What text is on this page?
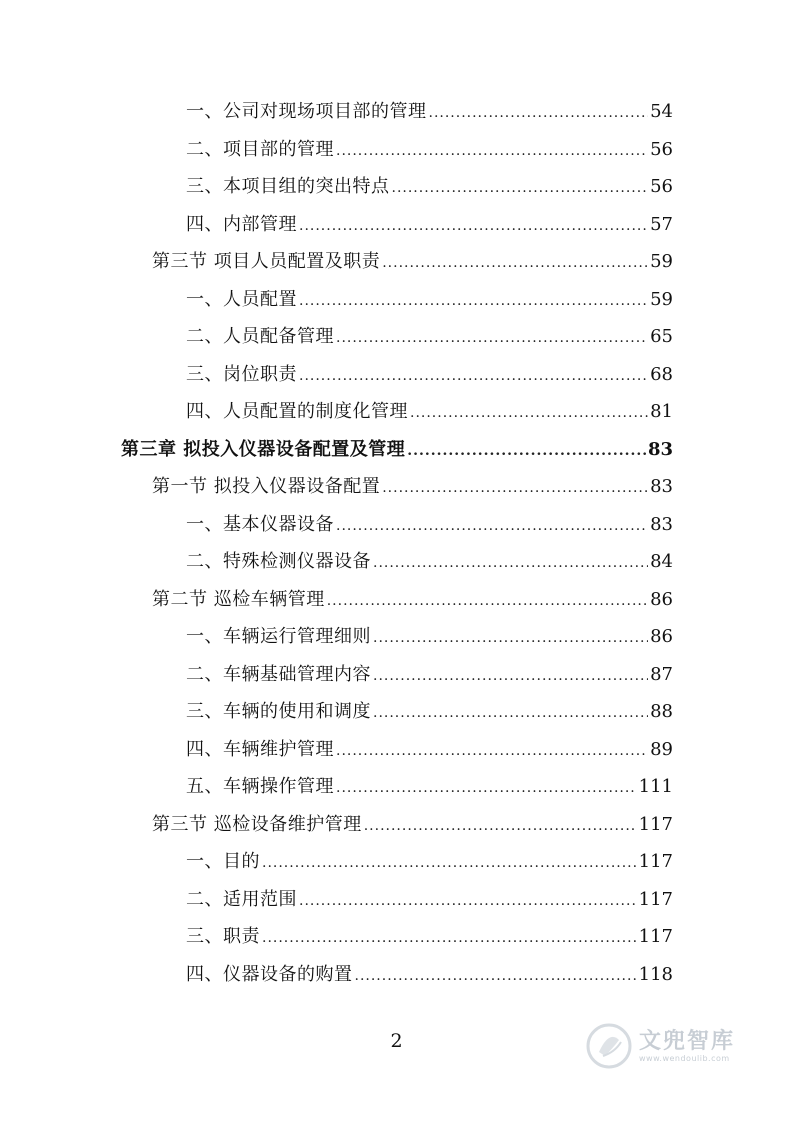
一、公司对现场项目部的管理 .....	54
二、项目部的管理 .....	56
三、本项目组的突出特点 .....	56
四、内部管理 .....	57
第三节 项目人员配置及职责 .....	59
一、人员配置 .....	59
二、人员配备管理 .....	65
三、岗位职责 .....	68
四、人员配置的制度化管理 .....	81
第三章 拟投入仪器设备配置及管理 .....	83
第一节 拟投入仪器设备配置 .....	83
一、基本仪器设备 .....	83
二、特殊检测仪器设备 .....	84
第二节 巡检车辆管理 .....	86
一、车辆运行管理细则 .....	86
二、车辆基础管理内容 .....	87
三、车辆的使用和调度 .....	88
四、车辆维护管理 .....	89
五、车辆操作管理 .....	111
第三节 巡检设备维护管理 .....	117
一、目的 .....	117
二、适用范围 .....	117
三、职责 .....	117
四、仪器设备的购置 .....	118
2	文兜智库
www.wendoulib.com
